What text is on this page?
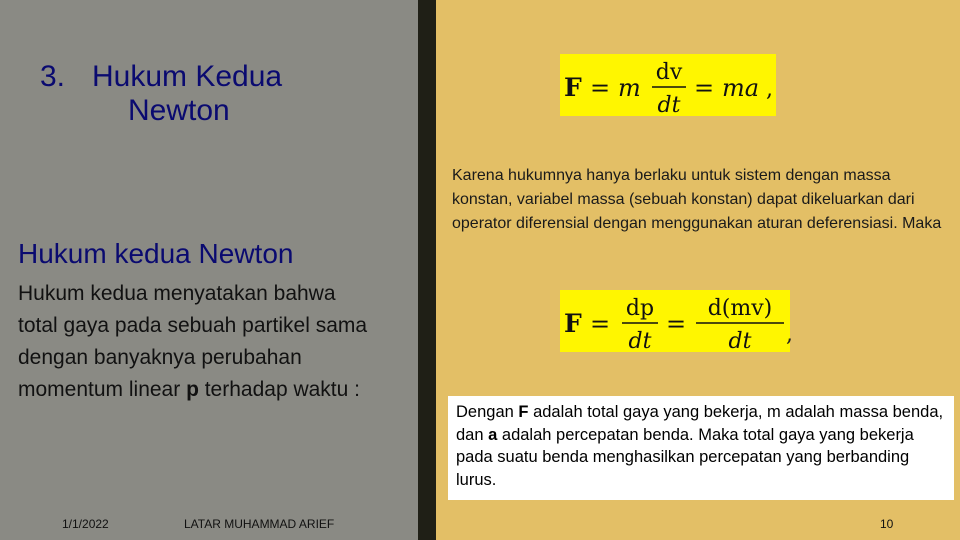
3. Hukum Kedua
Newton
Hukum kedua Newton
Hukum kedua menyatakan bahwa total gaya pada sebuah partikel sama dengan banyaknya perubahan momentum linear p terhadap waktu :
1/1/2022	LATAR MUHAMMAD ARIEF
F = m
dv
dt
= ma ,
Karena hukumnya hanya berlaku untuk sistem dengan massa konstan, variabel massa (sebuah konstan) dapat dikeluarkan dari operator diferensial dengan menggunakan aturan deferensiasi. Maka
F =
dp
dt
=
d(mv)
dt ,
Dengan F adalah total gaya yang bekerja, m adalah massa benda, dan a adalah percepatan benda. Maka total gaya yang bekerja pada suatu benda menghasilkan percepatan yang berbanding lurus.
10
